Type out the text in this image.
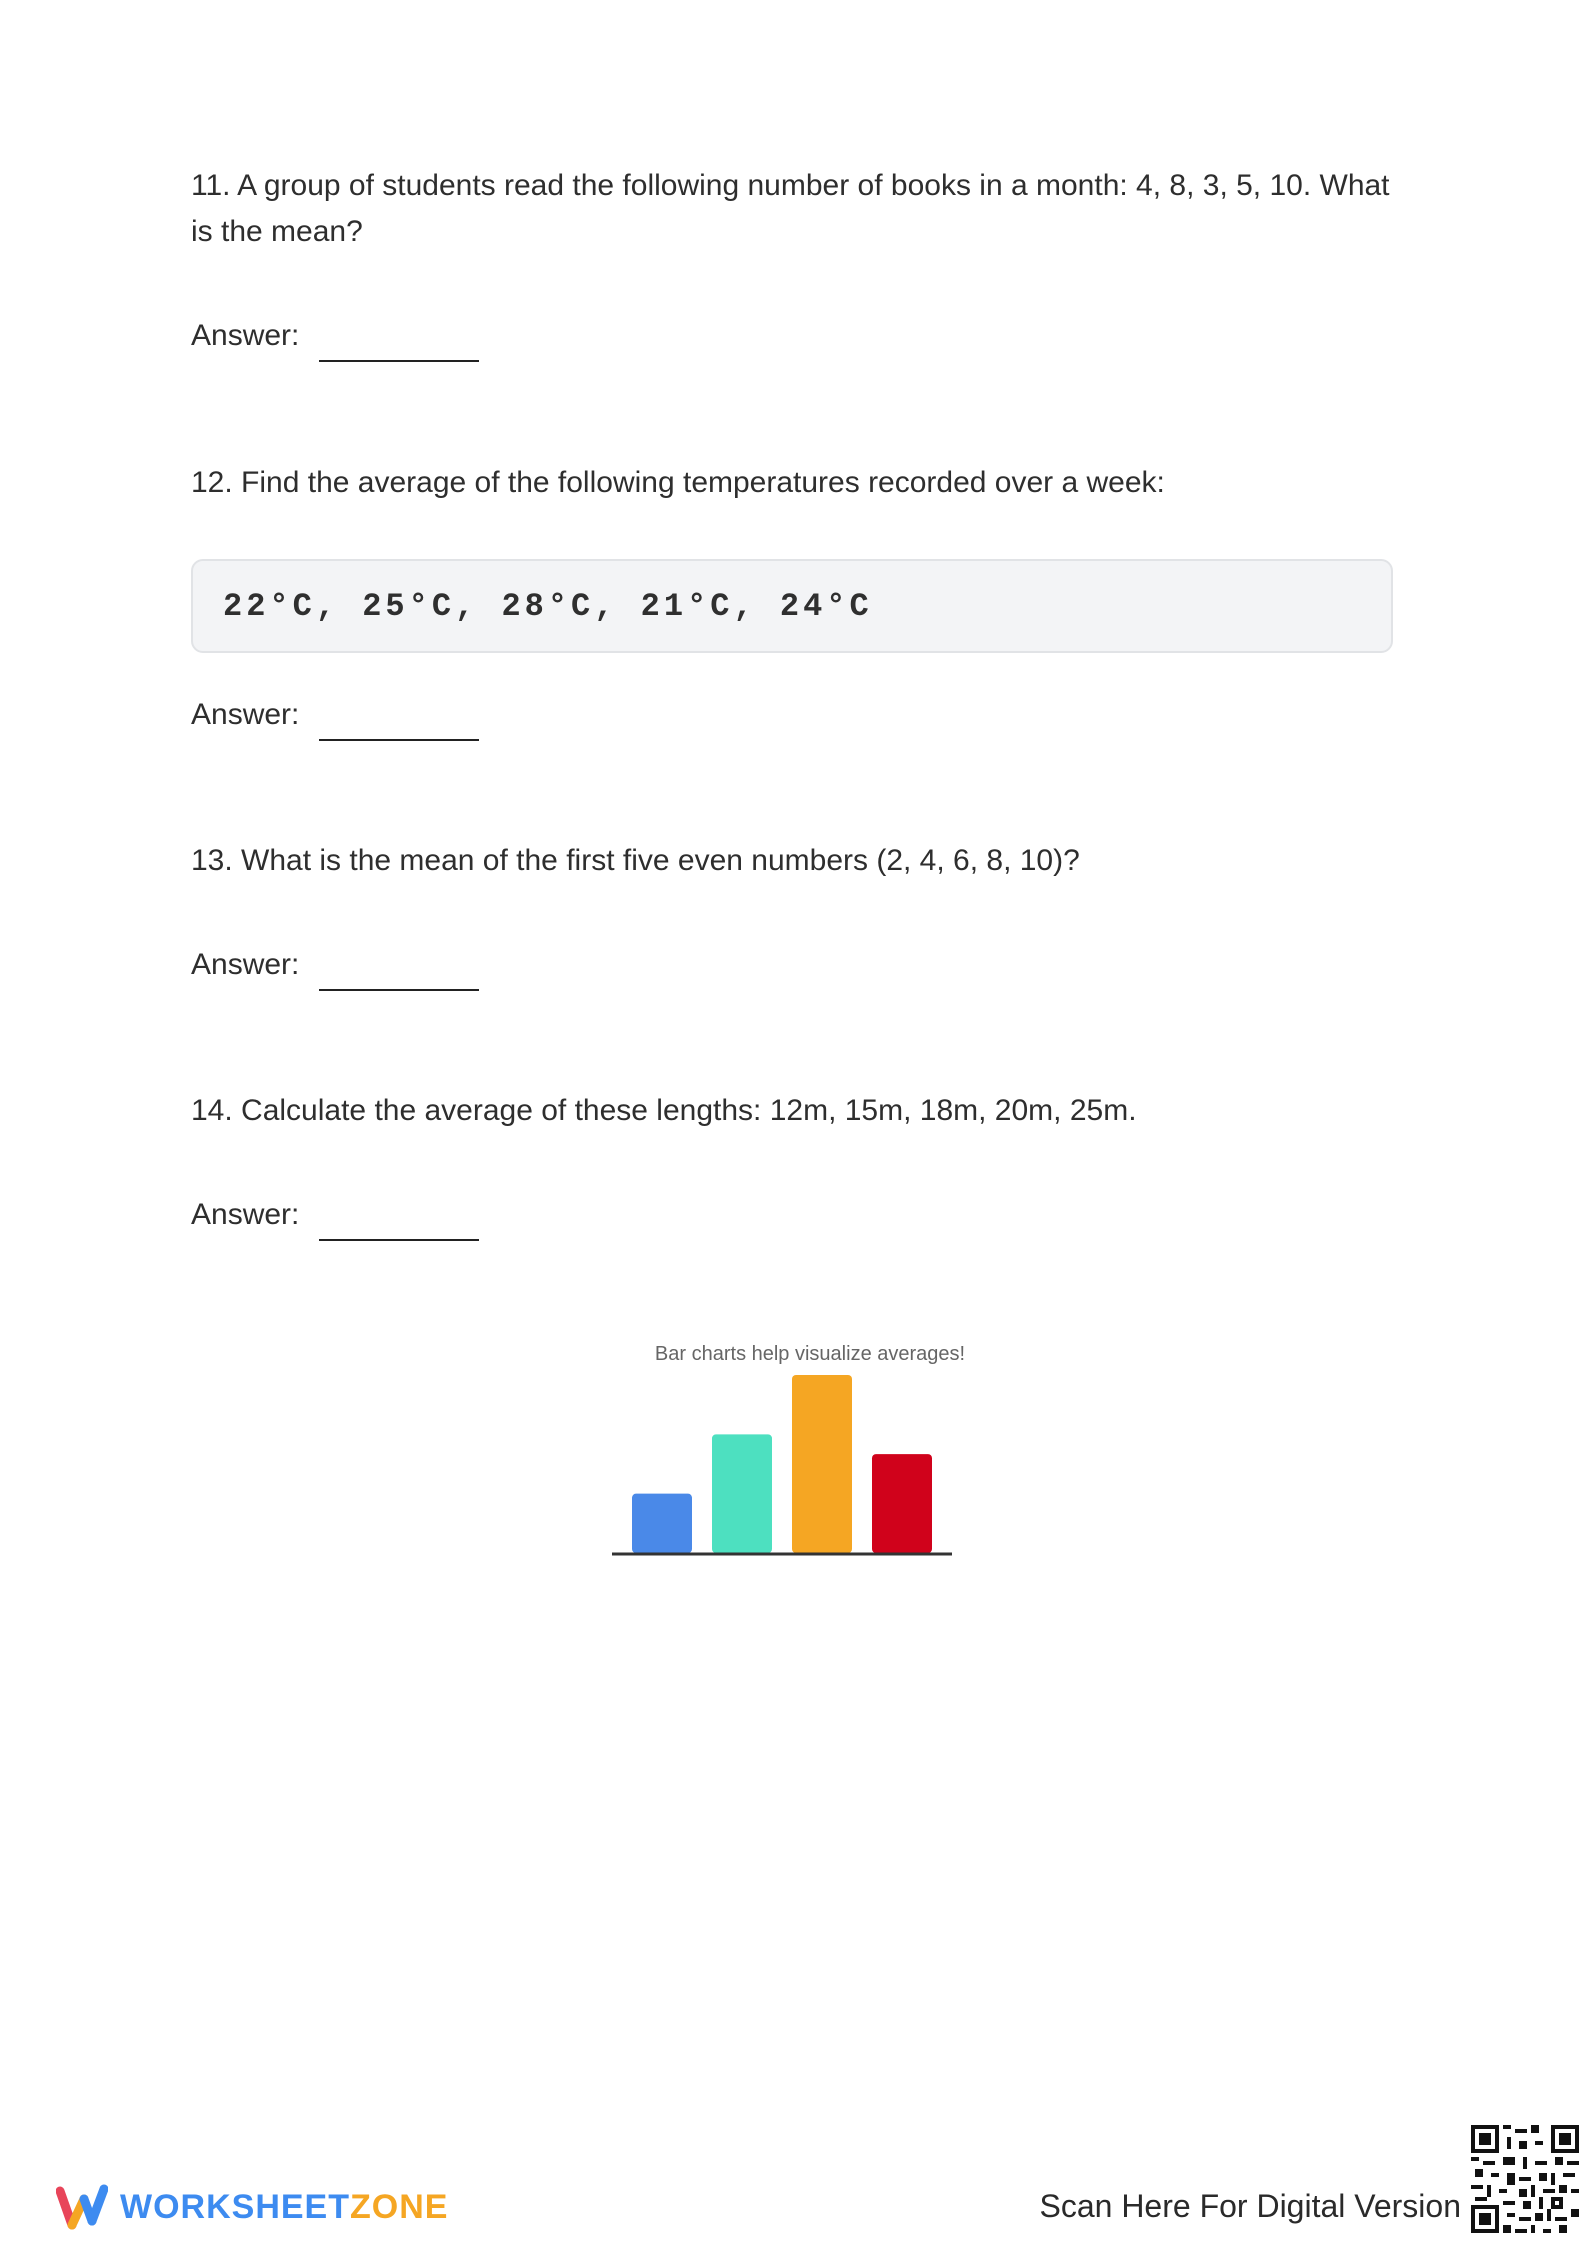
11. A group of students read the following number of books in a month: 4, 8, 3, 5, 10. What is the mean?
Answer:
12. Find the average of the following temperatures recorded over a week:
22°C, 25°C, 28°C, 21°C, 24°C
Answer:
13. What is the mean of the first five even numbers (2, 4, 6, 8, 10)?
Answer:
14. Calculate the average of these lengths: 12m, 15m, 18m, 20m, 25m.
Answer:
Bar charts help visualize averages!
WORKSHEETZONE	Scan Here For Digital Version
